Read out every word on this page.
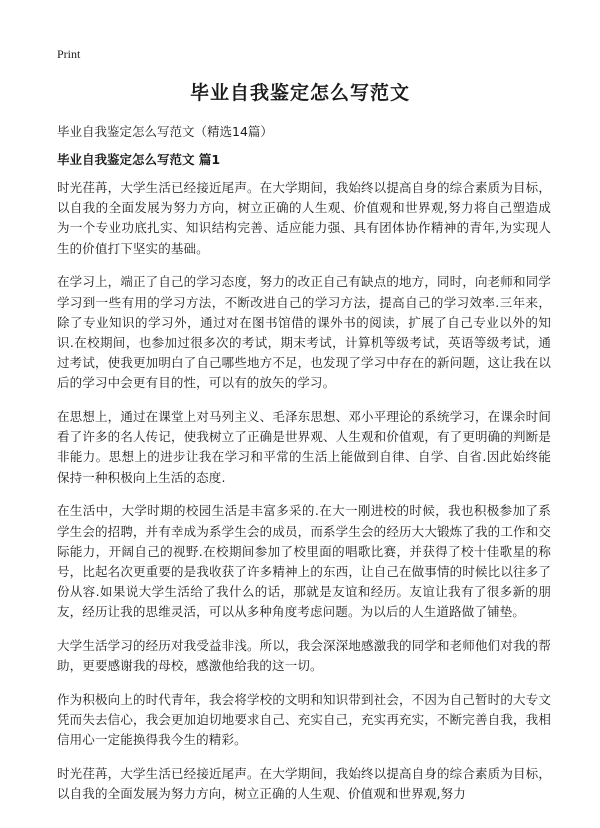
Print
毕业自我鉴定怎么写范文
毕业自我鉴定怎么写范文（精选14篇）
毕业自我鉴定怎么写范文 篇1

时光荏苒，大学生活已经接近尾声。在大学期间，我始终以提高自身的综合素质为目标，以自我的全面发展为努力方向，树立正确的人生观、价值观和世界观,努力将自己塑造成为一个专业功底扎实、知识结构完善、适应能力强、具有团体协作精神的青年,为实现人生的价值打下坚实的基础。

在学习上，端正了自己的学习态度，努力的改正自己有缺点的地方，同时，向老师和同学学习到一些有用的学习方法，不断改进自己的学习方法，提高自己的学习效率.三年来，除了专业知识的学习外，通过对在图书馆借的课外书的阅读，扩展了自己专业以外的知识.在校期间，也参加过很多次的考试，期末考试，计算机等级考试，英语等级考试，通过考试，使我更加明白了自己哪些地方不足，也发现了学习中存在的新问题，这让我在以后的学习中会更有目的性，可以有的放矢的学习。

在思想上，通过在课堂上对马列主义、毛泽东思想、邓小平理论的系统学习，在课余时间看了许多的名人传记，使我树立了正确是世界观、人生观和价值观，有了更明确的判断是非能力。思想上的进步让我在学习和平常的生活上能做到自律、自学、自省.因此始终能保持一种积极向上生活的态度.

在生活中，大学时期的校园生活是丰富多采的.在大一刚进校的时候，我也积极参加了系学生会的招聘，并有幸成为系学生会的成员，而系学生会的经历大大锻炼了我的工作和交际能力，开阔自己的视野.在校期间参加了校里面的唱歌比赛，并获得了校十佳歌星的称号，比起名次更重要的是我收获了许多精神上的东西，让自己在做事情的时候比以往多了份从容.如果说大学生活给了我什么的话，那就是友谊和经历。友谊让我有了很多新的朋友，经历让我的思维灵活，可以从多种角度考虑问题。为以后的人生道路做了铺垫。

大学生活学习的经历对我受益非浅。所以，我会深深地感激我的同学和老师他们对我的帮助，更要感谢我的母校，感激他给我的这一切。

作为积极向上的时代青年，我会将学校的文明和知识带到社会，不因为自己暂时的大专文凭而失去信心，我会更加迫切地要求自己、充实自己，充实再充实，不断完善自我，我相信用心一定能换得我今生的精彩。

时光荏苒，大学生活已经接近尾声。在大学期间，我始终以提高自身的综合素质为目标，以自我的全面发展为努力方向，树立正确的人生观、价值观和世界观,努力
